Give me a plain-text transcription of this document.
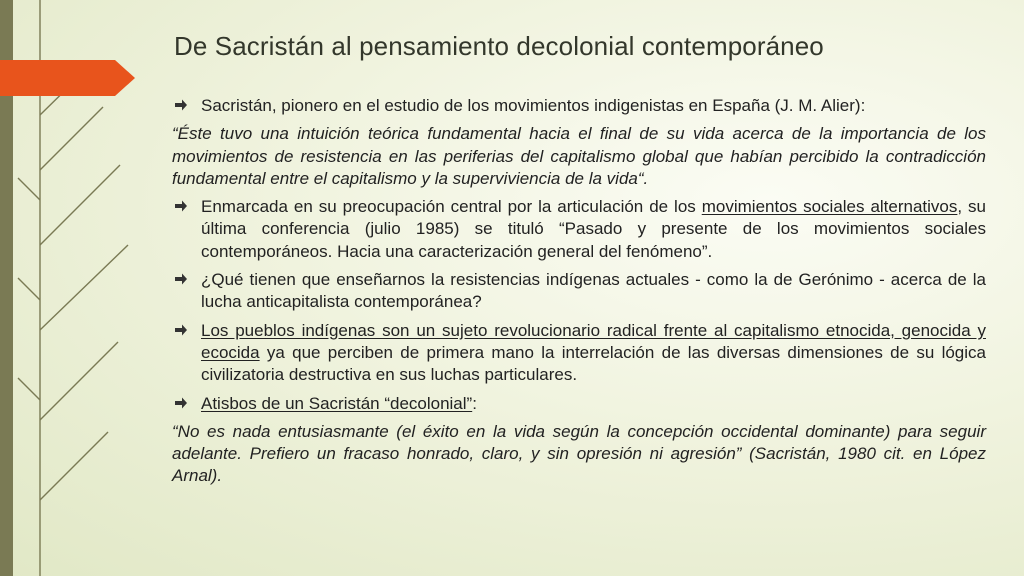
De Sacristán al pensamiento decolonial contemporáneo
Sacristán, pionero en el estudio de los movimientos indigenistas en España (J. M. Alier):
“Éste tuvo una intuición teórica fundamental hacia el final de su vida acerca de la importancia de los movimientos de resistencia en las periferias del capitalismo global que habían percibido la contradicción fundamental entre el capitalismo y la superviviencia de la vida“.
Enmarcada en su preocupación central por la articulación de los movimientos sociales alternativos, su última conferencia (julio 1985) se tituló “Pasado y presente de los movimientos sociales contemporáneos. Hacia una caracterización general del fenómeno”.
¿Qué tienen que enseñarnos la resistencias indígenas actuales - como la de Gerónimo - acerca de la lucha anticapitalista contemporánea?
Los pueblos indígenas son un sujeto revolucionario radical frente al capitalismo etnocida, genocida y ecocida ya que perciben de primera mano la interrelación de las diversas dimensiones de su lógica civilizatoria destructiva en sus luchas particulares.
Atisbos de un Sacristán “decolonial”:
“No es nada entusiasmante (el éxito en la vida según la concepción occidental dominante) para seguir adelante. Prefiero un fracaso honrado, claro, y sin opresión ni agresión” (Sacristán, 1980 cit. en López Arnal).
